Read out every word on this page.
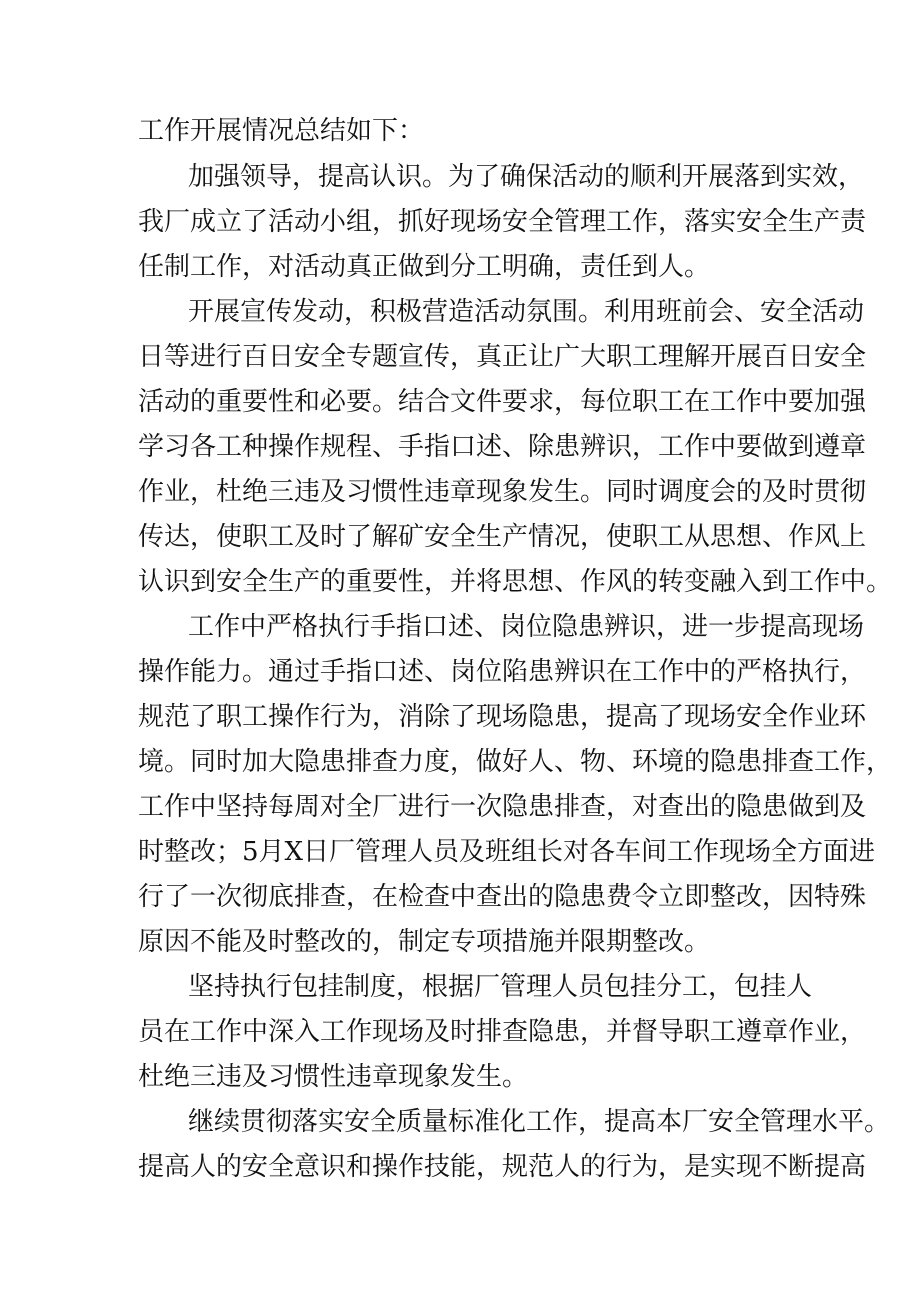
工作开展情况总结如下：
加强领导，提高认识。为了确保活动的顺利开展落到实效，
我厂成立了活动小组，抓好现场安全管理工作，落实安全生产责
任制工作，对活动真正做到分工明确，责任到人。
开展宣传发动，积极营造活动氛围。利用班前会、安全活动
日等进行百日安全专题宣传，真正让广大职工理解开展百日安全
活动的重要性和必要。结合文件要求，每位职工在工作中要加强
学习各工种操作规程、手指口述、除患辨识，工作中要做到遵章
作业，杜绝三违及习惯性违章现象发生。同时调度会的及时贯彻
传达，使职工及时了解矿安全生产情况，使职工从思想、作风上
认识到安全生产的重要性，并将思想、作风的转变融入到工作中。
工作中严格执行手指口述、岗位隐患辨识，进一步提高现场
操作能力。通过手指口述、岗位陷患辨识在工作中的严格执行，
规范了职工操作行为，消除了现场隐患，提高了现场安全作业环
境。同时加大隐患排查力度，做好人、物、环境的隐患排查工作，
工作中坚持每周对全厂进行一次隐患排查，对查出的隐患做到及
时整改；5月X日厂管理人员及班组长对各车间工作现场全方面进
行了一次彻底排查，在检查中查出的隐患费令立即整改，因特殊
原因不能及时整改的，制定专项措施并限期整改。
坚持执行包挂制度，根据厂管理人员包挂分工，包挂人
员在工作中深入工作现场及时排查隐患，并督导职工遵章作业，
杜绝三违及习惯性违章现象发生。
继续贯彻落实安全质量标准化工作，提高本厂安全管理水平。
提高人的安全意识和操作技能，规范人的行为，是实现不断提高
